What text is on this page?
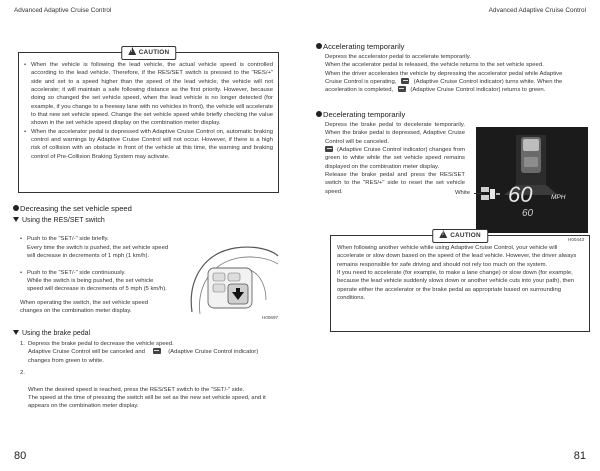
Advanced Adaptive Cruise Control	Advanced Adaptive Cruise Control
!CAUTION
• When the vehicle is following the lead vehicle, the actual vehicle speed is controlled according to the lead vehicle. Therefore, if the RES/SET switch is pressed to the "RES/+" side and set to a speed higher than the speed of the lead vehicle, the vehicle will not accelerate; it will maintain a safe following distance as the first priority. However, because doing so changed the set vehicle speed, when the lead vehicle is no longer detected (for example, if you change to a freeway lane with no vehicles in front), the vehicle will accelerate to that new set vehicle speed. Change the set vehicle speed while briefly checking the value shown in the set vehicle speed display on the combination meter display.
• When the accelerator pedal is depressed with Adaptive Cruise Control on, automatic braking control and warnings by Adaptive Cruise Control will not occur. However, if there is a high risk of collision with an obstacle in front of the vehicle at this time, the warning and braking control of Pre-Collision Braking System may activate.
Decreasing the set vehicle speed
Using the RES/SET switch

• Push to the "SET/-" side briefly.
Every time the switch is pushed, the set vehicle speed will decrease in decrements of 1 mph (1 km/h).

• Push to the "SET/-" side continuously.
While the switch is being pushed, the set vehicle speed will decrease in decrements of 5 mph (5 km/h).

When operating the switch, the set vehicle speed changes on the combination meter display.
H00697
Using the brake pedal
1. Depress the brake pedal to decrease the vehicle speed.
Adaptive Cruise Control will be canceled and	(Adaptive Cruise Control indicator)
changes from green to white.

2.

When the desired speed is reached, press the RES/SET switch to the "SET/-" side.
The speed at the time of pressing the switch will be set as the new set vehicle speed, and it appears on the combination meter display.

80	81
Accelerating temporarily
Depress the accelerator pedal to accelerate temporarily.
When the accelerator pedal is released, the vehicle returns to the set vehicle speed.
When the driver accelerates the vehicle by depressing the accelerator pedal while Adaptive
Cruise Control is operating,	(Adaptive Cruise Control indicator) turns white. When the
acceleration is completed,	(Adaptive Cruise Control indicator) returns to green.
Decelerating temporarily
Depress the brake pedal to decelerate temporarily. When the brake pedal is depressed, Adaptive Cruise Control will be canceled.
(Adaptive Cruise Control indicator) changes from green to white while the set vehicle speed remains displayed on the combination meter display.
Release the brake pedal and press the RES/SET switch to the "RES/+" side to reset the set vehicle speed.	60	MPH
60
White
H00443
!CAUTION
When following another vehicle while using Adaptive Cruise Control, your vehicle will accelerate or slow down based on the speed of the lead vehicle. However, the driver always remains responsible for safe driving and should not rely too much on the system.
If you need to accelerate (for example, to make a lane change) or slow down (for example, because the lead vehicle suddenly slows down or another vehicle cuts into your path), then operate either the accelerator or the brake pedal as appropriate based on surrounding conditions.
